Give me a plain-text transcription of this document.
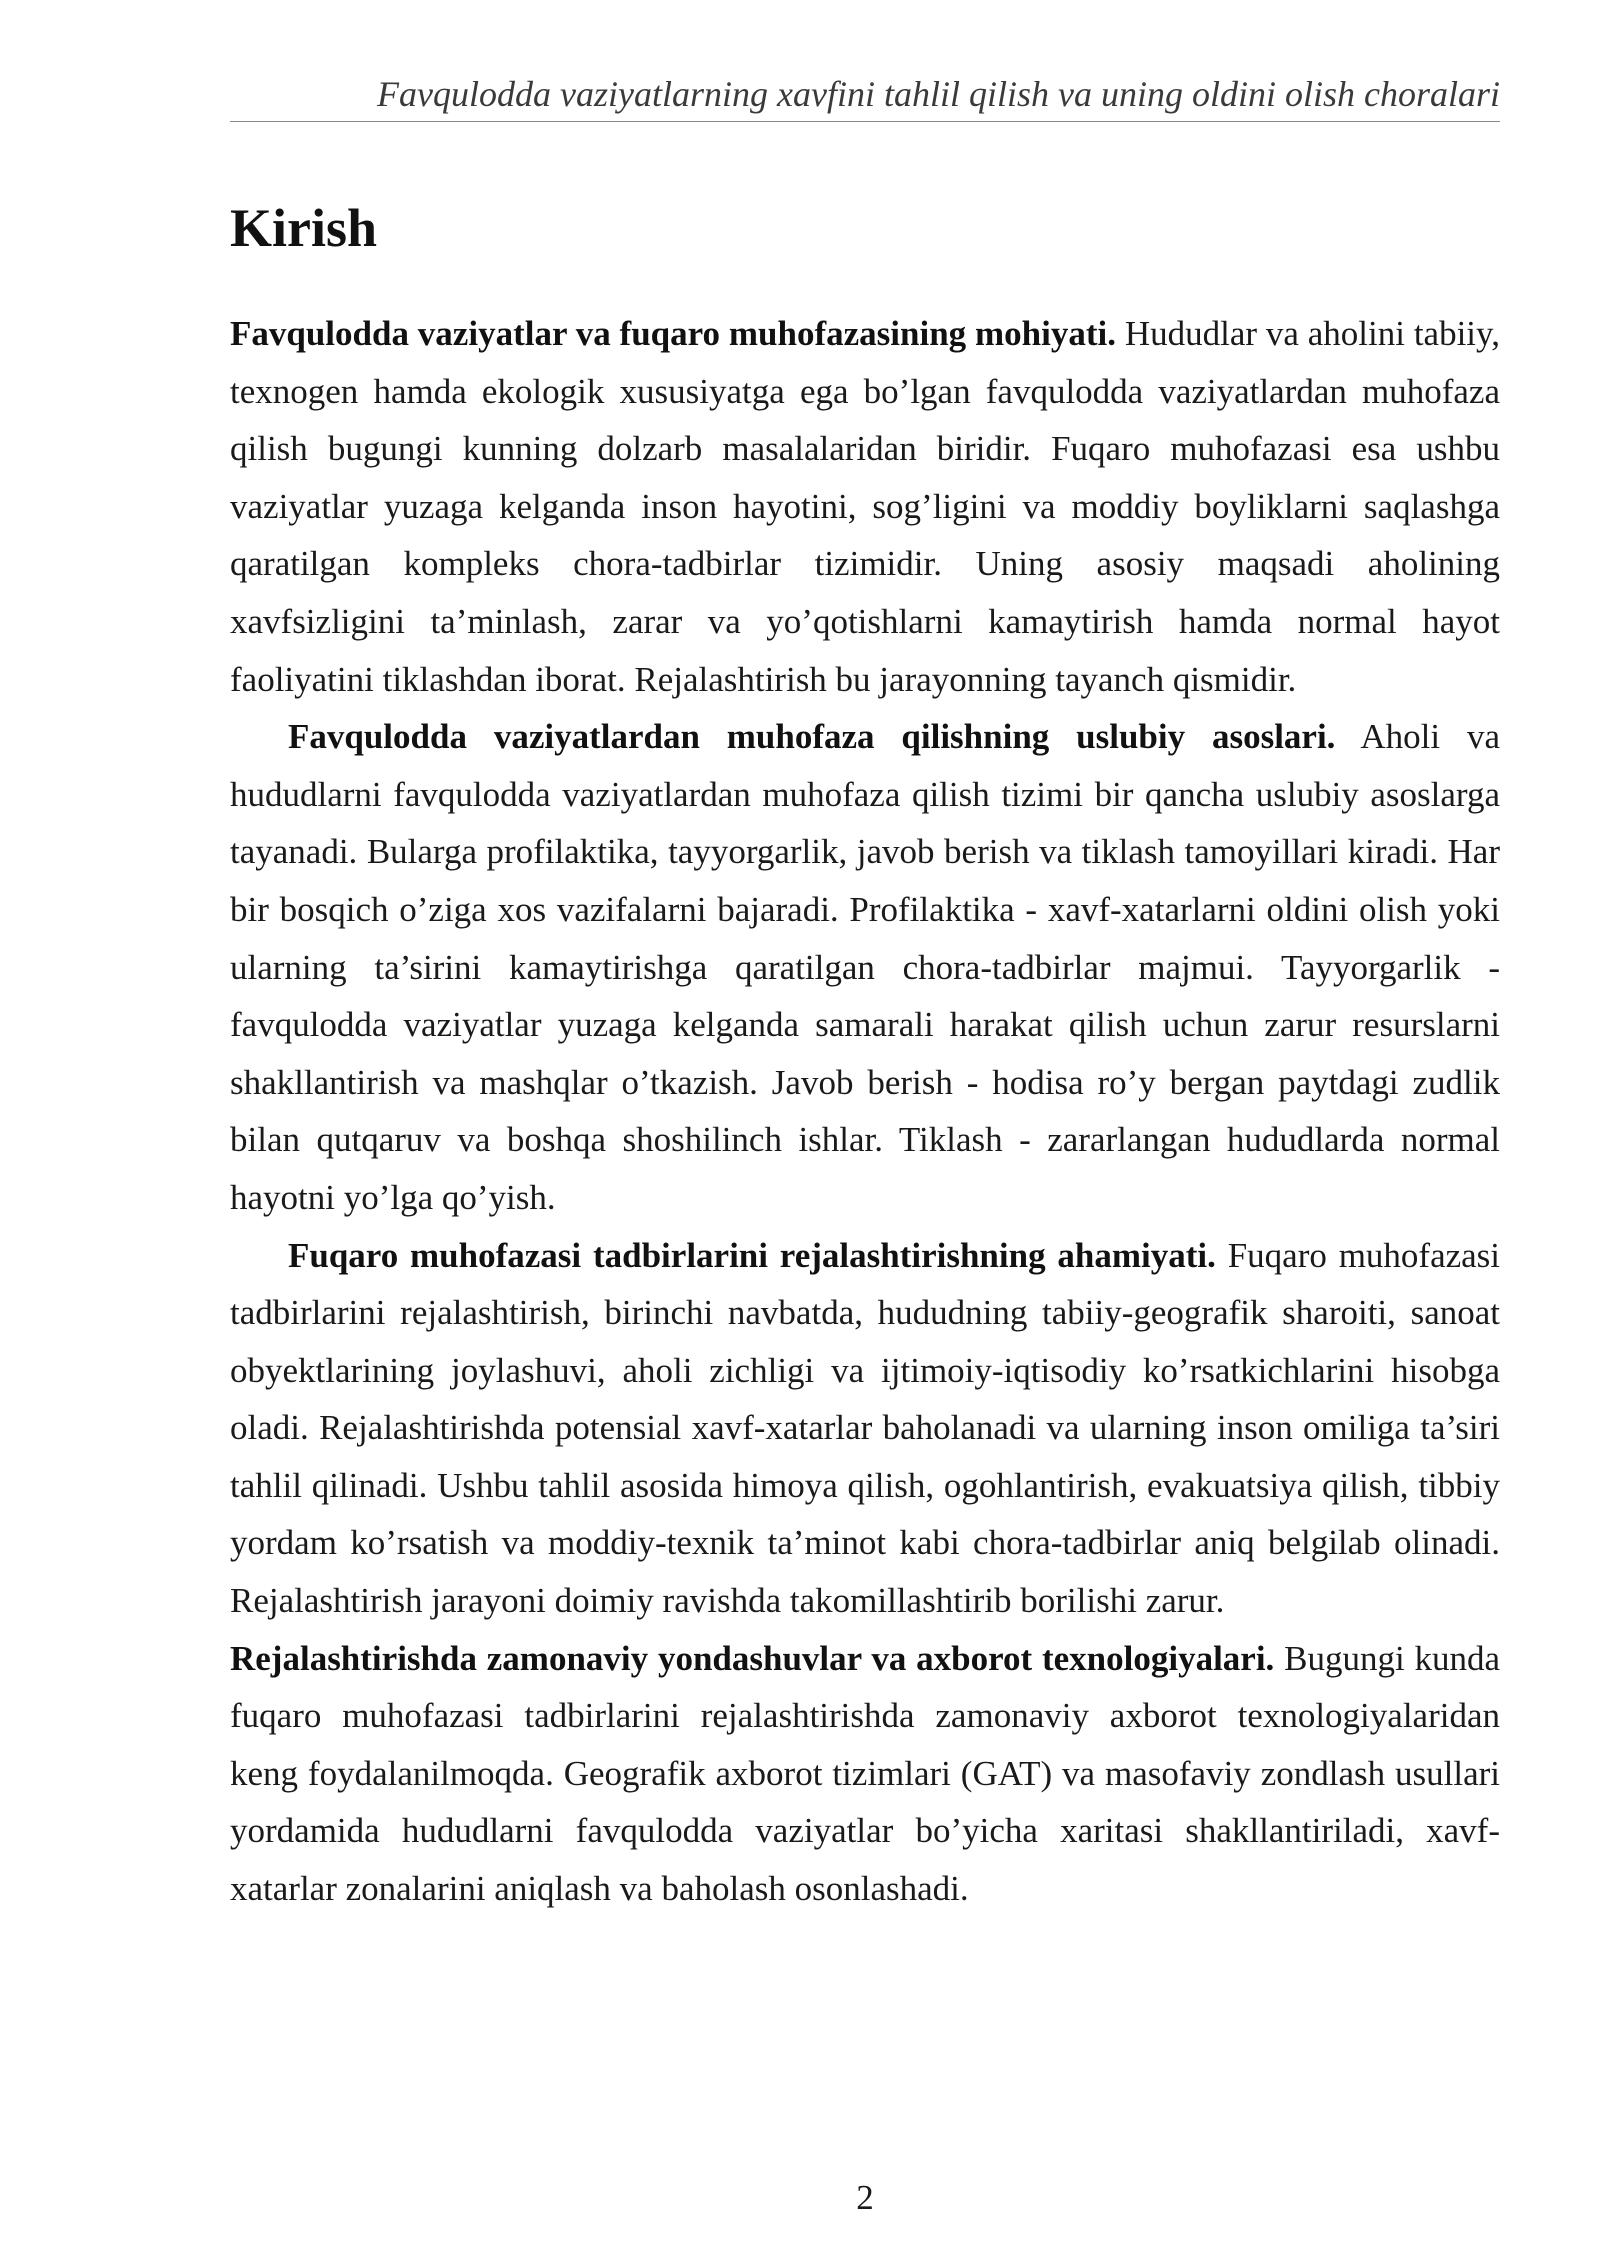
Favqulodda vaziyatlarning xavfini tahlil qilish va uning oldini olish choralari
Kirish

Favqulodda vaziyatlar va fuqaro muhofazasining mohiyati. Hududlar va aholini tabiiy, texnogen hamda ekologik xususiyatga ega bo’lgan favqulodda vaziyatlardan muhofaza qilish bugungi kunning dolzarb masalalaridan biridir. Fuqaro muhofazasi esa ushbu vaziyatlar yuzaga kelganda inson hayotini, sog’ligini va moddiy boyliklarni saqlashga qaratilgan kompleks chora-tadbirlar tizimidir. Uning asosiy maqsadi aholining xavfsizligini ta’minlash, zarar va yo’qotishlarni kamaytirish hamda normal hayot faoliyatini tiklashdan iborat. Rejalashtirish bu jarayonning tayanch qismidir.

Favqulodda vaziyatlardan muhofaza qilishning uslubiy asoslari. Aholi va hududlarni favqulodda vaziyatlardan muhofaza qilish tizimi bir qancha uslubiy asoslarga tayanadi. Bularga profilaktika, tayyorgarlik, javob berish va tiklash tamoyillari kiradi. Har bir bosqich o’ziga xos vazifalarni bajaradi. Profilaktika - xavf-xatarlarni oldini olish yoki ularning ta’sirini kamaytirishga qaratilgan chora-tadbirlar majmui. Tayyorgarlik - favqulodda vaziyatlar yuzaga kelganda samarali harakat qilish uchun zarur resurslarni shakllantirish va mashqlar o’tkazish. Javob berish - hodisa ro’y bergan paytdagi zudlik bilan qutqaruv va boshqa shoshilinch ishlar. Tiklash - zararlangan hududlarda normal hayotni yo’lga qo’yish.

Fuqaro muhofazasi tadbirlarini rejalashtirishning ahamiyati. Fuqaro muhofazasi tadbirlarini rejalashtirish, birinchi navbatda, hududning tabiiy-geografik sharoiti, sanoat obyektlarining joylashuvi, aholi zichligi va ijtimoiy-iqtisodiy ko’rsatkichlarini hisobga oladi. Rejalashtirishda potensial xavf-xatarlar baholanadi va ularning inson omiliga ta’siri tahlil qilinadi. Ushbu tahlil asosida himoya qilish, ogohlantirish, evakuatsiya qilish, tibbiy yordam ko’rsatish va moddiy-texnik ta’minot kabi chora-tadbirlar aniq belgilab olinadi. Rejalashtirish jarayoni doimiy ravishda takomillashtirib borilishi zarur.

Rejalashtirishda zamonaviy yondashuvlar va axborot texnologiyalari. Bugungi kunda fuqaro muhofazasi tadbirlarini rejalashtirishda zamonaviy axborot texnologiyalaridan keng foydalanilmoqda. Geografik axborot tizimlari (GAT) va masofaviy zondlash usullari yordamida hududlarni favqulodda vaziyatlar bo’yicha xaritasi shakllantiriladi, xavf-xatarlar zonalarini aniqlash va baholash osonlashadi.

2
